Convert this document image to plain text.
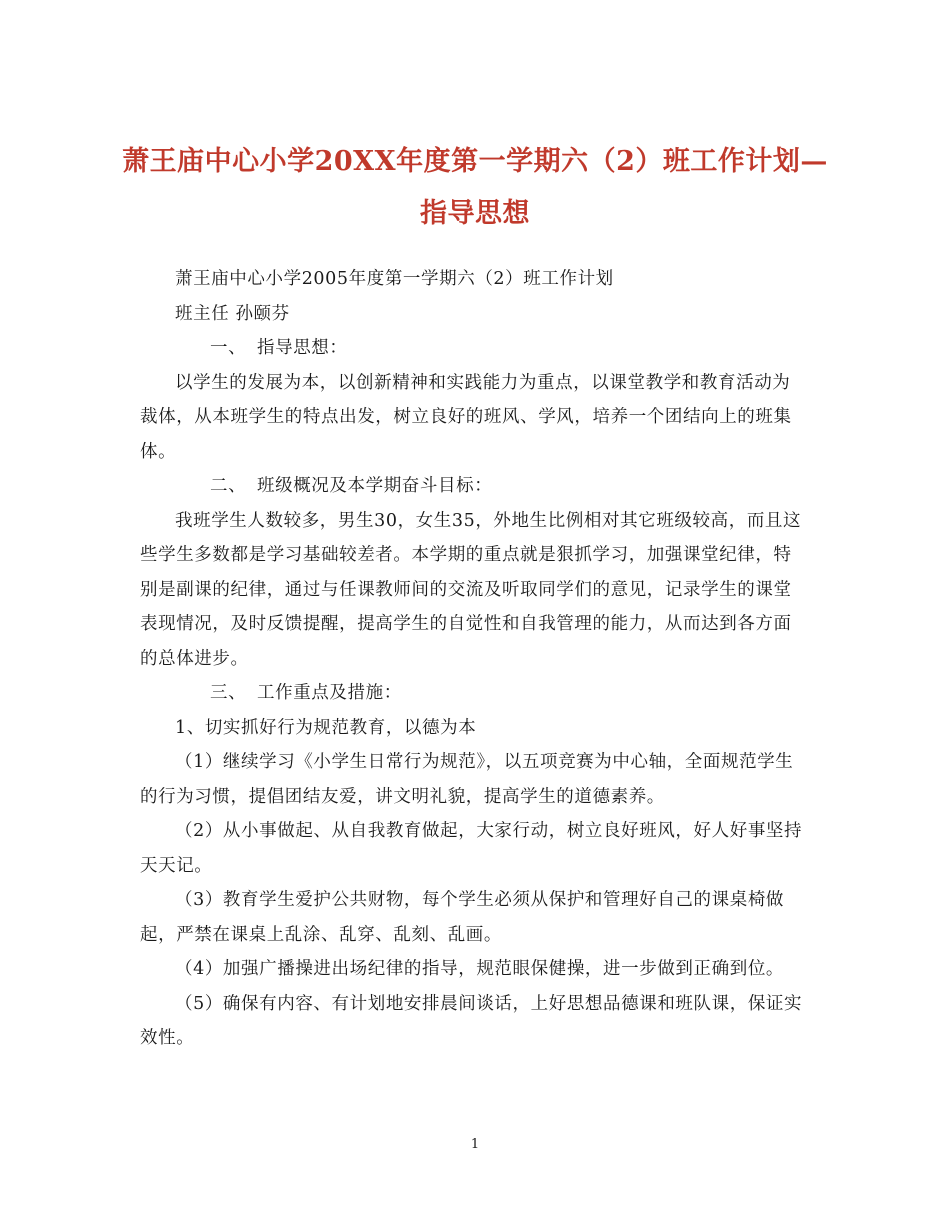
萧王庙中心小学20XX年度第一学期六（2）班工作计划—指导思想

萧王庙中心小学2005年度第一学期六（2）班工作计划

班主任 孙颐芬

一、 指导思想：

以学生的发展为本，以创新精神和实践能力为重点，以课堂教学和教育活动为裁体，从本班学生的特点出发，树立良好的班风、学风，培养一个团结向上的班集体。

二、 班级概况及本学期奋斗目标：

我班学生人数较多，男生30，女生35，外地生比例相对其它班级较高，而且这些学生多数都是学习基础较差者。本学期的重点就是狠抓学习，加强课堂纪律，特别是副课的纪律，通过与任课教师间的交流及听取同学们的意见，记录学生的课堂表现情况，及时反馈提醒，提高学生的自觉性和自我管理的能力，从而达到各方面的总体进步。

三、 工作重点及措施：

1、切实抓好行为规范教育，以德为本

（1）继续学习《小学生日常行为规范》，以五项竞赛为中心轴，全面规范学生的行为习惯，提倡团结友爱，讲文明礼貌，提高学生的道德素养。

（2）从小事做起、从自我教育做起，大家行动，树立良好班风，好人好事坚持天天记。

（3）教育学生爱护公共财物，每个学生必须从保护和管理好自己的课桌椅做起，严禁在课桌上乱涂、乱穿、乱刻、乱画。

（4）加强广播操进出场纪律的指导，规范眼保健操，进一步做到正确到位。

（5）确保有内容、有计划地安排晨间谈话，上好思想品德课和班队课，保证实效性。

1
